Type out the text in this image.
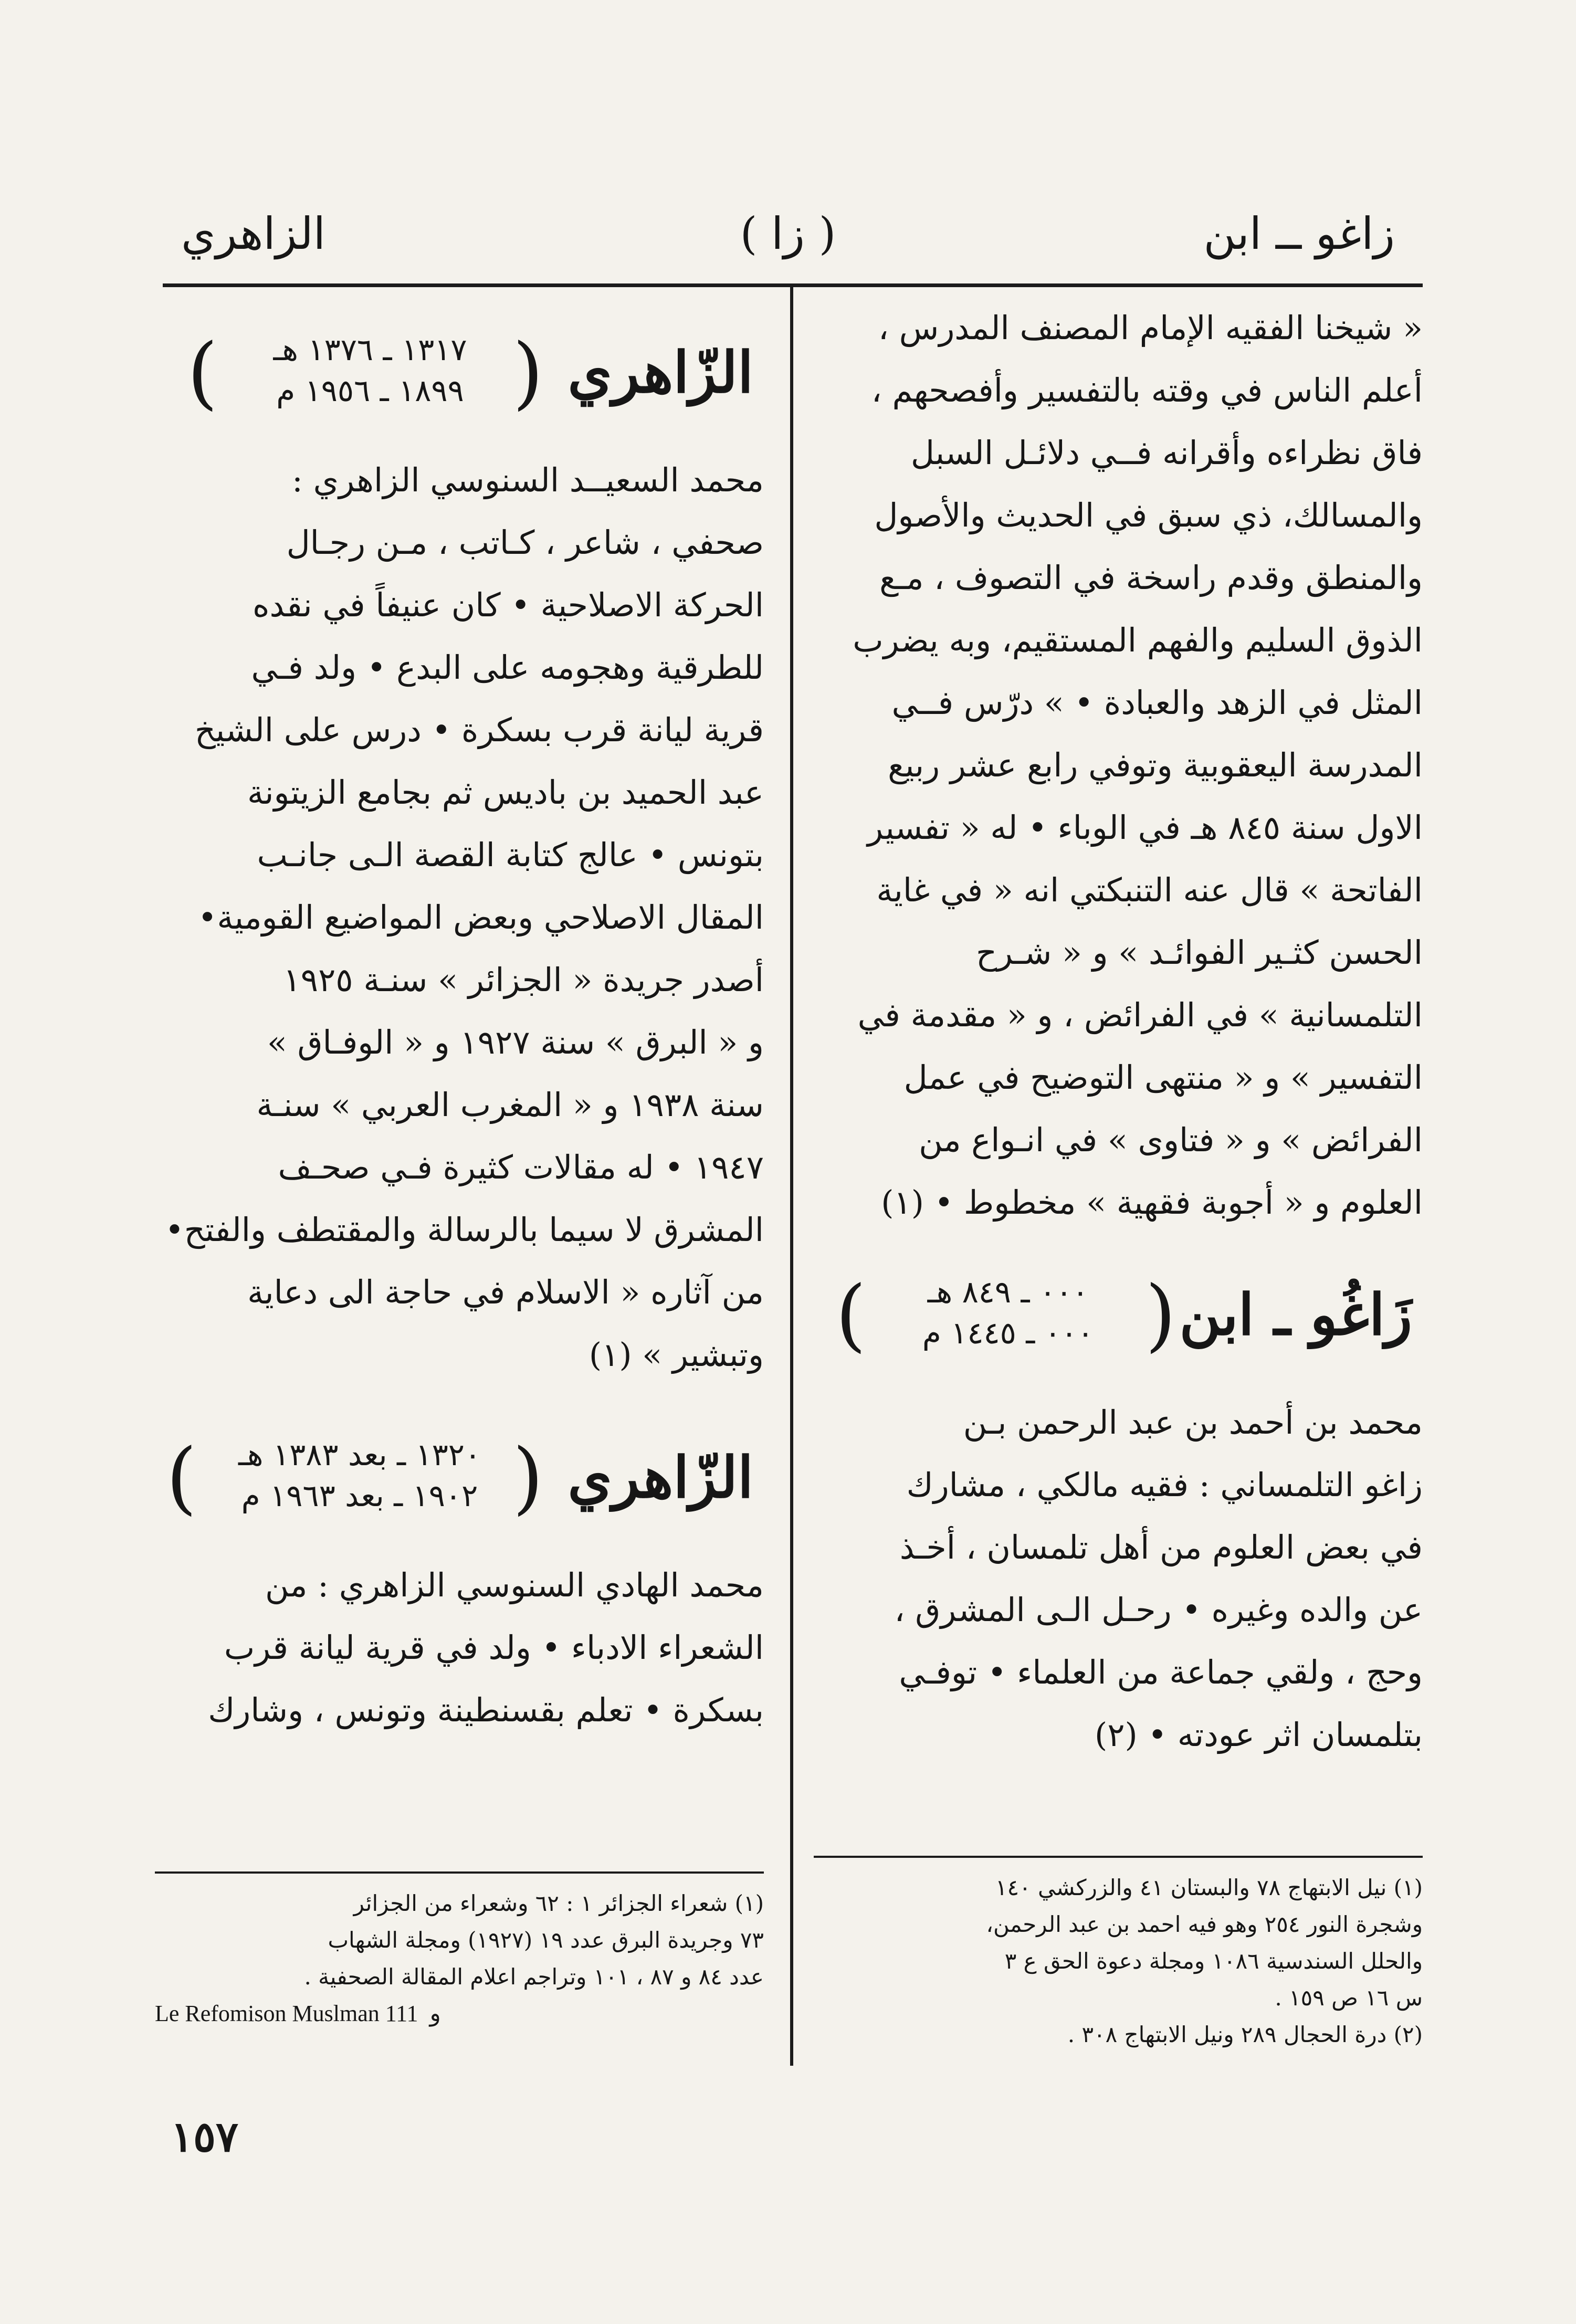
زاغو ــ ابن
( زا )
الزاهري

« شيخنا الفقيه الإمام المصنف المدرس ،

أعلم الناس في وقته بالتفسير وأفصحهم ،

فاق نظراءه وأقرانه فــي دلائـل السبل

والمسالك، ذي سبق في الحديث والأصول

والمنطق وقدم راسخة في التصوف ، مـع

الذوق السليم والفهم المستقيم، وبه يضرب

المثل في الزهد والعبادة • » درّس فــي

المدرسة اليعقوبية وتوفي رابع عشر ربيع

الاول سنة ٨٤٥ هـ في الوباء • له « تفسير

الفاتحة » قال عنه التنبكتي انه « في غاية

الحسن كثـير الفوائـد » و « شـرح

التلمسانية » في الفرائض ، و « مقدمة في

التفسير » و « منتهى التوضيح في عمل

الفرائض » و « فتاوى » في انـواع من

العلوم و « أجوبة فقهية » مخطوط • (١)

زَاغُو ـ ابن
(
٠٠٠ ـ ٨٤٩ هـ
٠٠٠ ـ ١٤٤٥ م
)

محمد بن أحمد بن عبد الرحمن بـن

زاغو التلمساني : فقيه مالكي ، مشارك

في بعض العلوم من أهل تلمسان ، أخـذ

عن والده وغيره • رحـل الـى المشرق ،

وحج ، ولقي جماعة من العلماء • توفـي

بتلمسان اثر عودته • (٢)

(١) نيل الابتهاج ٧٨ والبستان ٤١ والزركشي ١٤٠

وشجرة النور ٢٥٤ وهو فيه احمد بن عبد الرحمن،

والحلل السندسية ١٠٨٦ ومجلة دعوة الحق ع ٣

س ١٦ ص ١٥٩ .

(٢) درة الحجال ٢٨٩ ونيل الابتهاج ٣٠٨ .

الزّاهري
(
١٣١٧ ـ ١٣٧٦ هـ
١٨٩٩ ـ ١٩٥٦ م
)

محمد السعيــد السنوسي الزاهري :

صحفي ، شاعر ، كـاتب ، مـن رجـال

الحركة الاصلاحية • كان عنيفاً في نقده

للطرقية وهجومه على البدع • ولد فـي

قرية ليانة قرب بسكرة • درس على الشيخ

عبد الحميد بن باديس ثم بجامع الزيتونة

بتونس • عالج كتابة القصة الـى جانـب

المقال الاصلاحي وبعض المواضيع القومية•

أصدر جريدة « الجزائر » سنـة ١٩٢٥

و « البرق » سنة ١٩٢٧ و « الوفـاق »

سنة ١٩٣٨ و « المغرب العربي » سنـة

١٩٤٧ • له مقالات كثيرة فـي صحـف

المشرق لا سيما بالرسالة والمقتطف والفتح•

من آثاره « الاسلام في حاجة الى دعاية

وتبشير » (١)

الزّاهري
(
١٣٢٠ ـ بعد ١٣٨٣ هـ
١٩٠٢ ـ بعد ١٩٦٣ م
)

محمد الهادي السنوسي الزاهري : من

الشعراء الادباء • ولد في قرية ليانة قرب

بسكرة • تعلم بقسنطينة وتونس ، وشارك

(١) شعراء الجزائر ١ : ٦٢ وشعراء من الجزائر

٧٣ وجريدة البرق عدد ١٩ (١٩٢٧) ومجلة الشهاب

عدد ٨٤ و ٨٧ ، ١٠١ وتراجم اعلام المقالة الصحفية .

Le Refomison Muslman 111 و

١٥٧
